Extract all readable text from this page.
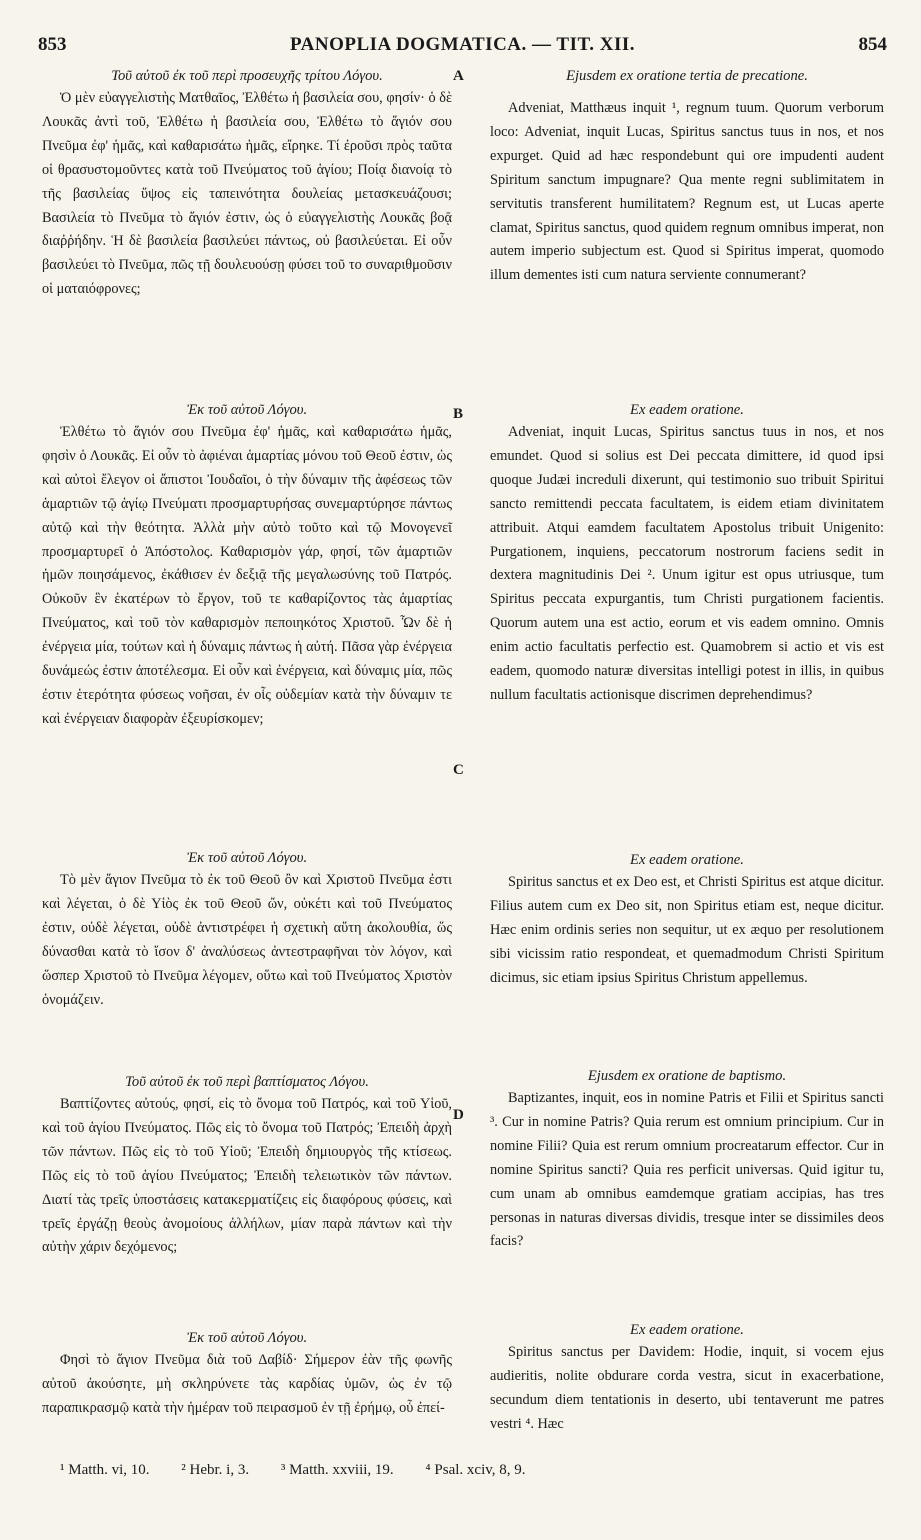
853	PANOPLIA DOGMATICA. — TIT. XII.	854
A
B
C
D
Τοῦ αὐτοῦ ἐκ τοῦ περὶ προσευχῆς τρίτου Λόγου.
Ὁ μὲν εὐαγγελιστὴς Ματθαῖος, Ἐλθέτω ἡ βασιλεία σου, φησίν· ὁ δὲ Λουκᾶς ἀντὶ τοῦ, Ἐλθέτω ἡ βασιλεία σου, Ἐλθέτω τὸ ἅγιόν σου Πνεῦμα ἐφ' ἡμᾶς, καὶ καθαρισάτω ἡμᾶς, εἴρηκε. Τί ἐροῦσι πρὸς ταῦτα οἱ θρασυστομοῦντες κατὰ τοῦ Πνεύματος τοῦ ἁγίου; Ποίᾳ διανοίᾳ τὸ τῆς βασιλείας ὕψος εἰς ταπεινότητα δουλείας μετασκευάζουσι; Βασιλεία τὸ Πνεῦμα τὸ ἅγιόν ἐστιν, ὡς ὁ εὐαγγελιστὴς Λουκᾶς βοᾷ διαῤῥήδην. Ἡ δὲ βασιλεία βασιλεύει πάντως, οὐ βασιλεύεται. Εἰ οὖν βασιλεύει τὸ Πνεῦμα, πῶς τῇ δουλευούσῃ φύσει τοῦ το συναριθμοῦσιν οἱ ματαιόφρονες;
Ἐκ τοῦ αὐτοῦ Λόγου.
Ἐλθέτω τὸ ἅγιόν σου Πνεῦμα ἐφ' ἡμᾶς, καὶ καθαρισάτω ἡμᾶς, φησὶν ὁ Λουκᾶς. Εἰ οὖν τὸ ἀφιέναι ἁμαρτίας μόνου τοῦ Θεοῦ ἐστιν, ὡς καὶ αὐτοὶ ἔλεγον οἱ ἄπιστοι Ἰουδαῖοι, ὁ τὴν δύναμιν τῆς ἀφέσεως τῶν ἁμαρτιῶν τῷ ἁγίῳ Πνεύματι προσμαρτυρήσας συνεμαρτύρησε πάντως αὐτῷ καὶ τὴν θεότητα. Ἀλλὰ μὴν αὐτὸ τοῦτο καὶ τῷ Μονογενεῖ προσμαρτυρεῖ ὁ Ἀπόστολος. Καθαρισμὸν γάρ, φησί, τῶν ἁμαρτιῶν ἡμῶν ποιησάμενος, ἐκάθισεν ἐν δεξιᾷ τῆς μεγαλωσύνης τοῦ Πατρός. Οὐκοῦν ἓν ἑκατέρων τὸ ἔργον, τοῦ τε καθαρίζοντος τὰς ἁμαρτίας Πνεύματος, καὶ τοῦ τὸν καθαρισμὸν πεποιηκότος Χριστοῦ. Ὧν δὲ ἡ ἐνέργεια μία, τούτων καὶ ἡ δύναμις πάντως ἡ αὐτή. Πᾶσα γὰρ ἐνέργεια δυνάμεώς ἐστιν ἀποτέλεσμα. Εἰ οὖν καὶ ἐνέργεια, καὶ δύναμις μία, πῶς ἐστιν ἑτερότητα φύσεως νοῆσαι, ἐν οἷς οὐδεμίαν κατὰ τὴν δύναμιν τε καὶ ἐνέργειαν διαφορὰν ἐξευρίσκομεν;
Ἐκ τοῦ αὐτοῦ Λόγου.
Τὸ μὲν ἅγιον Πνεῦμα τὸ ἐκ τοῦ Θεοῦ ὂν καὶ Χριστοῦ Πνεῦμα ἐστι καὶ λέγεται, ὁ δὲ Υἱὸς ἐκ τοῦ Θεοῦ ὤν, οὐκέτι καὶ τοῦ Πνεύματος ἐστιν, οὐδὲ λέγεται, οὐδὲ ἀντιστρέφει ἡ σχετικὴ αὕτη ἀκολουθία, ὥς δύνασθαι κατὰ τὸ ἴσον δ' ἀναλύσεως ἀντεστραφῆναι τὸν λόγον, καὶ ὥσπερ Χριστοῦ τὸ Πνεῦμα λέγομεν, οὕτω καὶ τοῦ Πνεύματος Χριστὸν ὀνομάζειν.
Τοῦ αὐτοῦ ἐκ τοῦ περὶ βαπτίσματος Λόγου.
Βαπτίζοντες αὐτούς, φησί, εἰς τὸ ὄνομα τοῦ Πατρός, καὶ τοῦ Υἱοῦ, καὶ τοῦ ἁγίου Πνεύματος. Πῶς εἰς τὸ ὄνομα τοῦ Πατρός; Ἐπειδὴ ἀρχὴ τῶν πάντων. Πῶς εἰς τὸ τοῦ Υἱοῦ; Ἐπειδὴ δημιουργὸς τῆς κτίσεως. Πῶς εἰς τὸ τοῦ ἁγίου Πνεύματος; Ἐπειδὴ τελειωτικὸν τῶν πάντων. Διατί τὰς τρεῖς ὑποστάσεις κατακερματίζεις εἰς διαφόρους φύσεις, καὶ τρεῖς ἐργάζῃ θεοὺς ἀνομοίους ἀλλήλων, μίαν παρὰ πάντων καὶ τὴν αὐτὴν χάριν δεχόμενος;
Ἐκ τοῦ αὐτοῦ Λόγου.
Φησὶ τὸ ἅγιον Πνεῦμα διὰ τοῦ Δαβίδ· Σήμερον ἐὰν τῆς φωνῆς αὐτοῦ ἀκούσητε, μὴ σκληρύνετε τὰς καρδίας ὑμῶν, ὡς ἐν τῷ παραπικρασμῷ κατὰ τὴν ἡμέραν τοῦ πειρασμοῦ ἐν τῇ ἐρήμῳ, οὗ ἐπεί-
Ejusdem ex oratione tertia de precatione.
Adveniat, Matthæus inquit ¹, regnum tuum. Quorum verborum loco: Adveniat, inquit Lucas, Spiritus sanctus tuus in nos, et nos expurget. Quid ad hæc respondebunt qui ore impudenti audent Spiritum sanctum impugnare? Qua mente regni sublimitatem in servitutis transferent humilitatem? Regnum est, ut Lucas aperte clamat, Spiritus sanctus, quod quidem regnum omnibus imperat, non autem imperio subjectum est. Quod si Spiritus imperat, quomodo illum dementes isti cum natura serviente connumerant?
Ex eadem oratione.
Adveniat, inquit Lucas, Spiritus sanctus tuus in nos, et nos emundet. Quod si solius est Dei peccata dimittere, id quod ipsi quoque Judæi increduli dixerunt, qui testimonio suo tribuit Spiritui sancto remittendi peccata facultatem, is eidem etiam divinitatem attribuit. Atqui eamdem facultatem Apostolus tribuit Unigenito: Purgationem, inquiens, peccatorum nostrorum faciens sedit in dextera magnitudinis Dei ². Unum igitur est opus utriusque, tum Spiritus peccata expurgantis, tum Christi purgationem facientis. Quorum autem una est actio, eorum et vis eadem omnino. Omnis enim actio facultatis perfectio est. Quamobrem si actio et vis est eadem, quomodo naturæ diversitas intelligi potest in illis, in quibus nullum facultatis actionisque discrimen deprehendimus?
Ex eadem oratione.
Spiritus sanctus et ex Deo est, et Christi Spiritus est atque dicitur. Filius autem cum ex Deo sit, non Spiritus etiam est, neque dicitur. Hæc enim ordinis series non sequitur, ut ex æquo per resolutionem sibi vicissim ratio respondeat, et quemadmodum Christi Spiritum dicimus, sic etiam ipsius Spiritus Christum appellemus.
Ejusdem ex oratione de baptismo.
Baptizantes, inquit, eos in nomine Patris et Filii et Spiritus sancti ³. Cur in nomine Patris? Quia rerum est omnium principium. Cur in nomine Filii? Quia est rerum omnium procreatarum effector. Cur in nomine Spiritus sancti? Quia res perficit universas. Quid igitur tu, cum unam ab omnibus eamdemque gratiam accipias, has tres personas in naturas diversas dividis, tresque inter se dissimiles deos facis?
Ex eadem oratione.
Spiritus sanctus per Davidem: Hodie, inquit, si vocem ejus audieritis, nolite obdurare corda vestra, sicut in exacerbatione, secundum diem tentationis in deserto, ubi tentaverunt me patres vestri ⁴. Hæc
¹ Matth. vi, 10. ² Hebr. i, 3. ³ Matth. xxviii, 19. ⁴ Psal. xciv, 8, 9.
